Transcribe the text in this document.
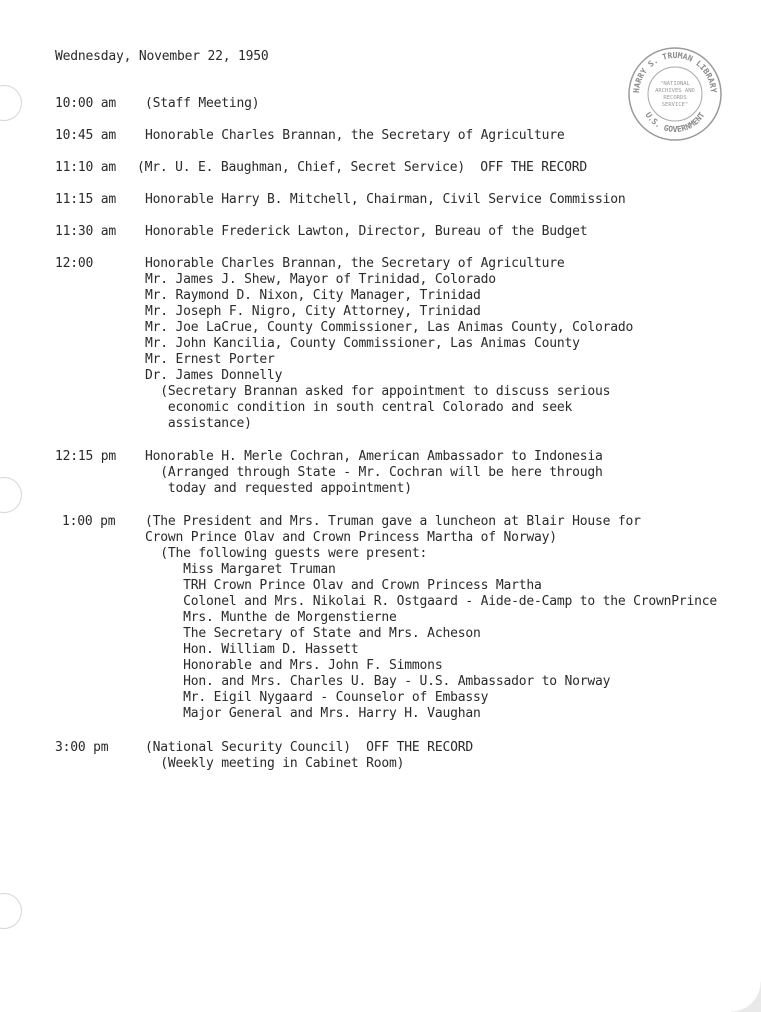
HARRY S. TRUMAN LIBRARY
U.S. GOVERNMENT
"NATIONAL
ARCHIVES AND
RECORDS
SERVICE"
Wednesday, November 22, 1950
10:00 am (Staff Meeting)
10:45 am Honorable Charles Brannan, the Secretary of Agriculture
11:10 am (Mr. U. E. Baughman, Chief, Secret Service)  OFF THE RECORD
11:15 am Honorable Harry B. Mitchell, Chairman, Civil Service Commission
11:30 am Honorable Frederick Lawton, Director, Bureau of the Budget
12:00	Honorable Charles Brannan, the Secretary of Agriculture
Mr. James J. Shew, Mayor of Trinidad, Colorado
Mr. Raymond D. Nixon, City Manager, Trinidad
Mr. Joseph F. Nigro, City Attorney, Trinidad
Mr. Joe LaCrue, County Commissioner, Las Animas County, Colorado
Mr. John Kancilia, County Commissioner, Las Animas County
Mr. Ernest Porter
Dr. James Donnelly
(Secretary Brannan asked for appointment to discuss serious
economic condition in south central Colorado and seek
assistance)
12:15 pm Honorable H. Merle Cochran, American Ambassador to Indonesia
(Arranged through State - Mr. Cochran will be here through
today and requested appointment)
1:00 pm (The President and Mrs. Truman gave a luncheon at Blair House for
Crown Prince Olav and Crown Princess Martha of Norway)
(The following guests were present:
Miss Margaret Truman
TRH Crown Prince Olav and Crown Princess Martha
Colonel and Mrs. Nikolai R. Ostgaard - Aide-de-Camp to the CrownPrince
Mrs. Munthe de Morgenstierne
The Secretary of State and Mrs. Acheson
Hon. William D. Hassett
Honorable and Mrs. John F. Simmons
Hon. and Mrs. Charles U. Bay - U.S. Ambassador to Norway
Mr. Eigil Nygaard - Counselor of Embassy
Major General and Mrs. Harry H. Vaughan
3:00 pm	(National Security Council)  OFF THE RECORD
(Weekly meeting in Cabinet Room)
